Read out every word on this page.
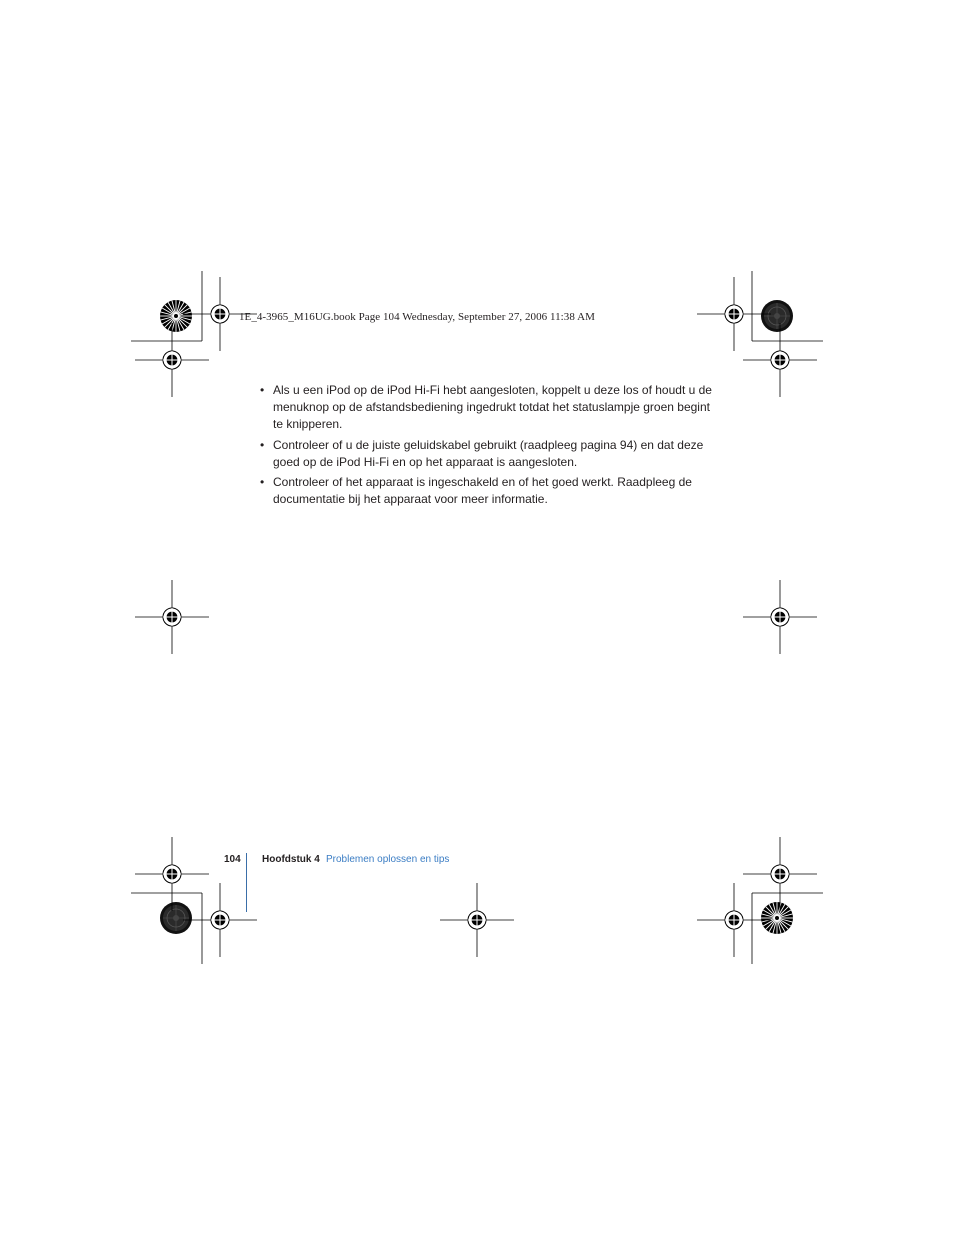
1E_4-3965_M16UG.book Page 104 Wednesday, September 27, 2006 11:38 AM
• Als u een iPod op de iPod Hi-Fi hebt aangesloten, koppelt u deze los of houdt u de menuknop op de afstandsbediening ingedrukt totdat het statuslampje groen begint te knipperen.
• Controleer of u de juiste geluidskabel gebruikt (raadpleeg pagina 94) en dat deze goed op de iPod Hi-Fi en op het apparaat is aangesloten.
• Controleer of het apparaat is ingeschakeld en of het goed werkt. Raadpleeg de documentatie bij het apparaat voor meer informatie.
104 Hoofdstuk 4 Problemen oplossen en tips
